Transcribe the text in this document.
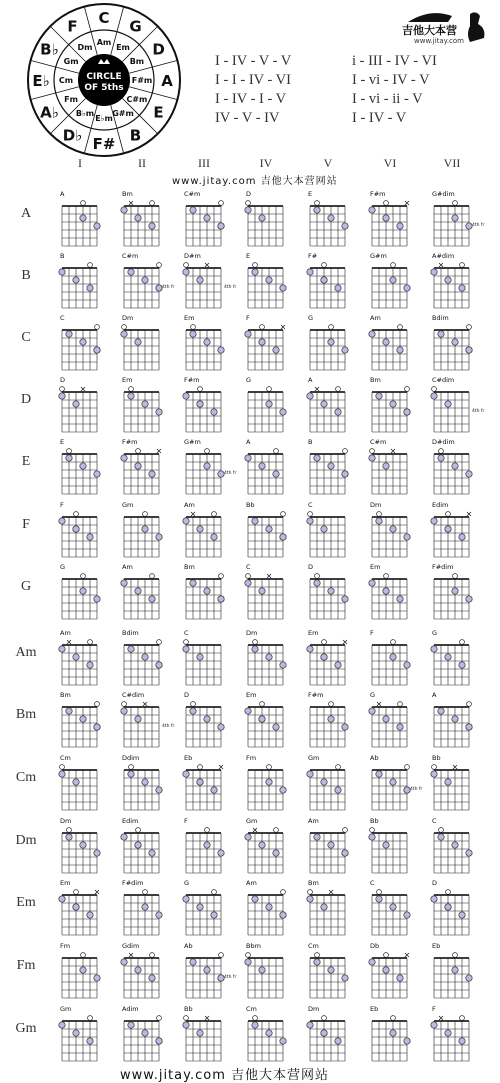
C G
D
A
E
B
F#
D♭
A♭
E♭
B♭
F
Am
Em
Bm
F#m
C#m
G#m
E♭m
B♭m
Fm
Cm
Gm
Dm
CIRCLE
OF 5ths
I - IV - V - V
I - I - IV - VI
I - IV - I - V
IV - V - IV
i - III - IV - VI
I - vi - IV - V
I - vi - ii - V
I - IV - V
吉他大本营
www.jitay.com
I	II	III	IV	V	VI	VII
www.jitay.com 吉他大本营网站
A	Bm	C#m	D	E	F#m	G#dim
B	C#m	D#m	E	F#	G#m	A#dim
C	Dm	Em	F	G	Am	Bdim
D	Em	F#m	G	A	Bm	C#dim
E	F#m	G#m	A	B	C#m	D#dim
F	Gm	Am	Bb	C	Dm	Edim
G	Am	Bm	C	D	Em	F#dim
Am	Bdim	C	Dm	Em	F	G
Bm	C#dim	D	Em	F#m	G	A
Cm	Ddim	Eb	Fm	Gm	Ab	Bb
Dm	Edim	F	Gm	Am	Bb	C
Em	F#dim	G	Am	Bm	C	D
Fm	Gdim	Ab	Bbm	Cm	Db	Eb
Gm	Adim	Bb	Cm	Dm	Eb	F
4th fr
4th fr	4th fr
4th fr
4th fr
4th fr
4th fr
4th fr
A
B
C
D
E
F
G
Am
Bm
Cm
Dm
Em
Fm
Gm
www.jitay.com 吉他大本营网站
